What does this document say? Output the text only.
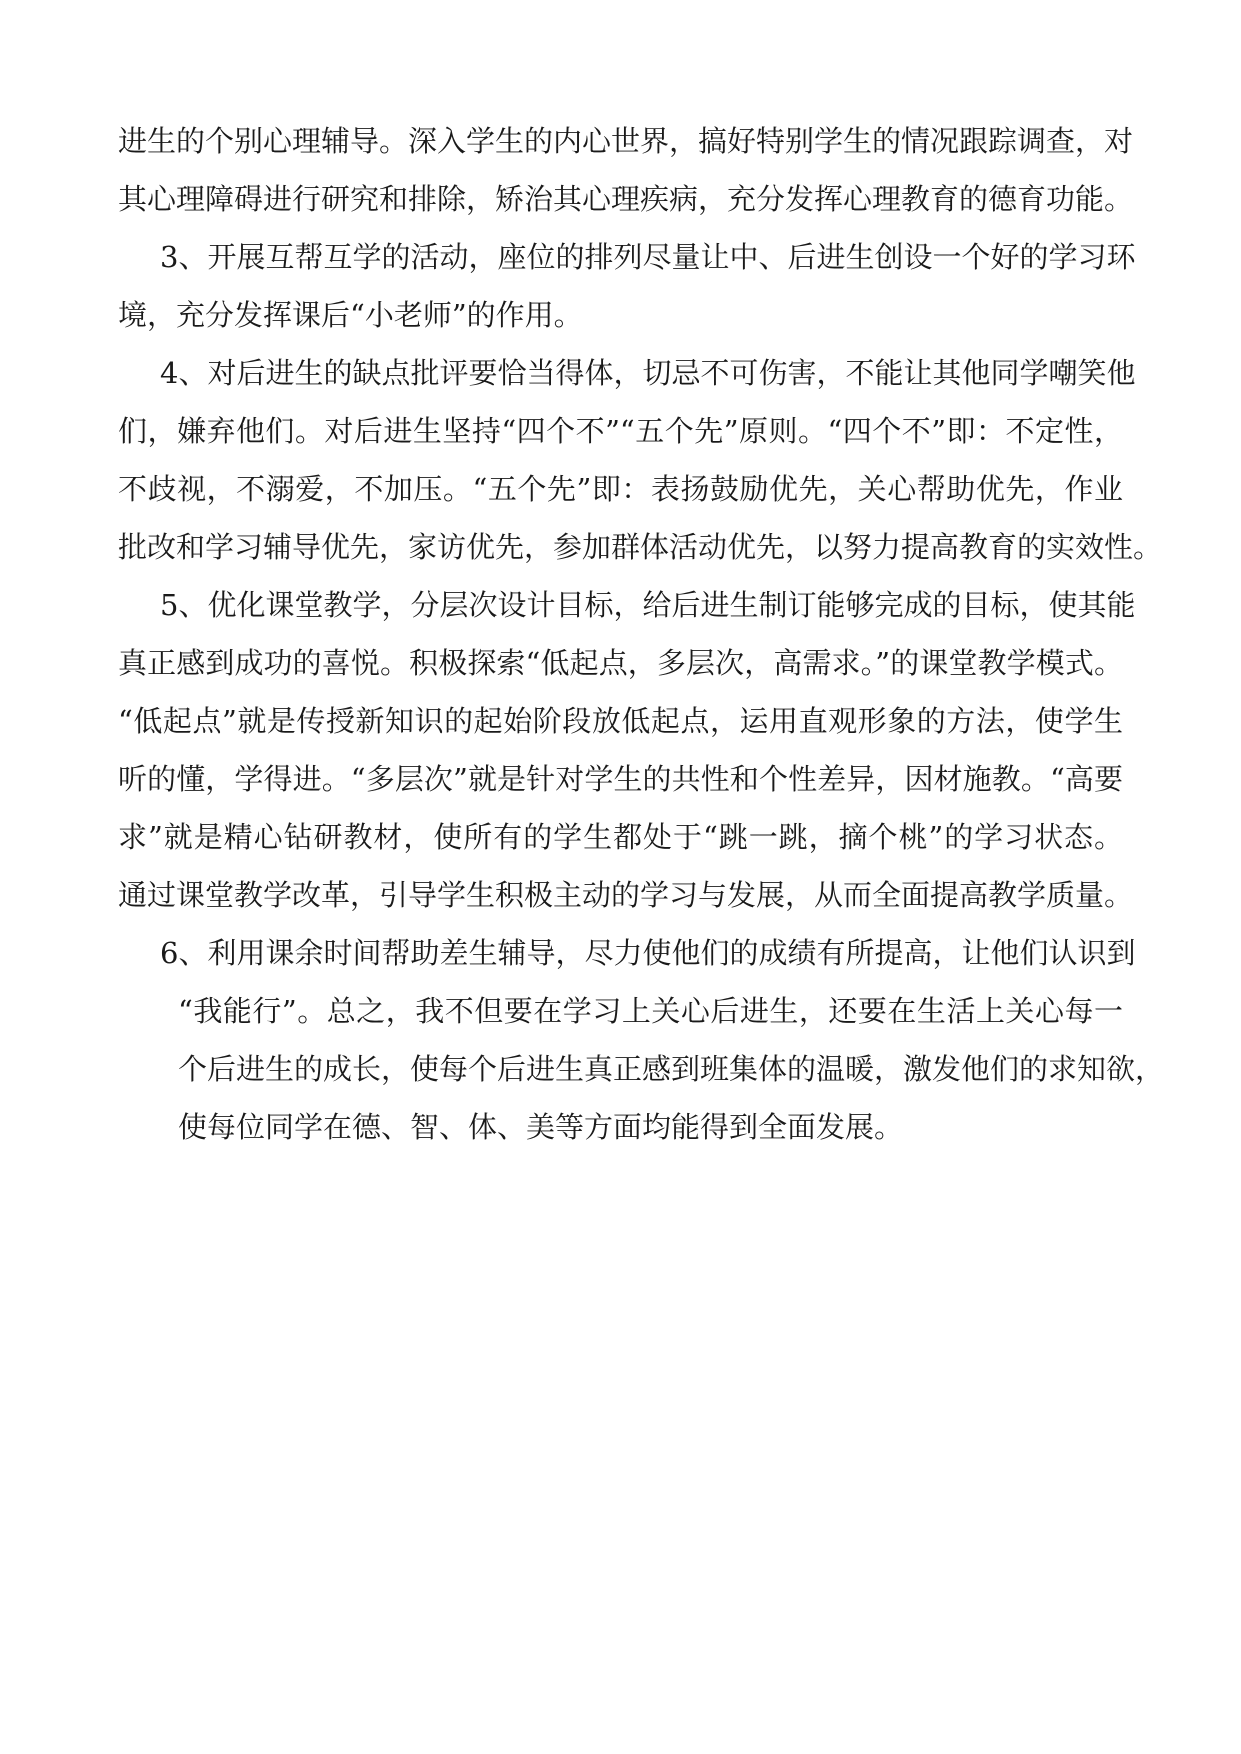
进生的个别心理辅导。深入学生的内心世界，搞好特别学生的情况跟踪调查，对
其心理障碍进行研究和排除，矫治其心理疾病，充分发挥心理教育的德育功能。
3、开展互帮互学的活动，座位的排列尽量让中、后进生创设一个好的学习环
境，充分发挥课后“小老师”的作用。
4、对后进生的缺点批评要恰当得体，切忌不可伤害，不能让其他同学嘲笑他
们，嫌弃他们。对后进生坚持“四个不”“五个先”原则。“四个不”即：不定性，
不歧视，不溺爱，不加压。“五个先”即：表扬鼓励优先，关心帮助优先，作业
批改和学习辅导优先，家访优先，参加群体活动优先，以努力提高教育的实效性。
5、优化课堂教学，分层次设计目标，给后进生制订能够完成的目标，使其能
真正感到成功的喜悦。积极探索“低起点，多层次，高需求。”的课堂教学模式。
“低起点”就是传授新知识的起始阶段放低起点，运用直观形象的方法，使学生
听的懂，学得进。“多层次”就是针对学生的共性和个性差异，因材施教。“高要
求”就是精心钻研教材，使所有的学生都处于“跳一跳，摘个桃”的学习状态。
通过课堂教学改革，引导学生积极主动的学习与发展，从而全面提高教学质量。
6、利用课余时间帮助差生辅导，尽力使他们的成绩有所提高，让他们认识到
“我能行”。总之，我不但要在学习上关心后进生，还要在生活上关心每一
个后进生的成长，使每个后进生真正感到班集体的温暖，激发他们的求知欲，
使每位同学在德、智、体、美等方面均能得到全面发展。
